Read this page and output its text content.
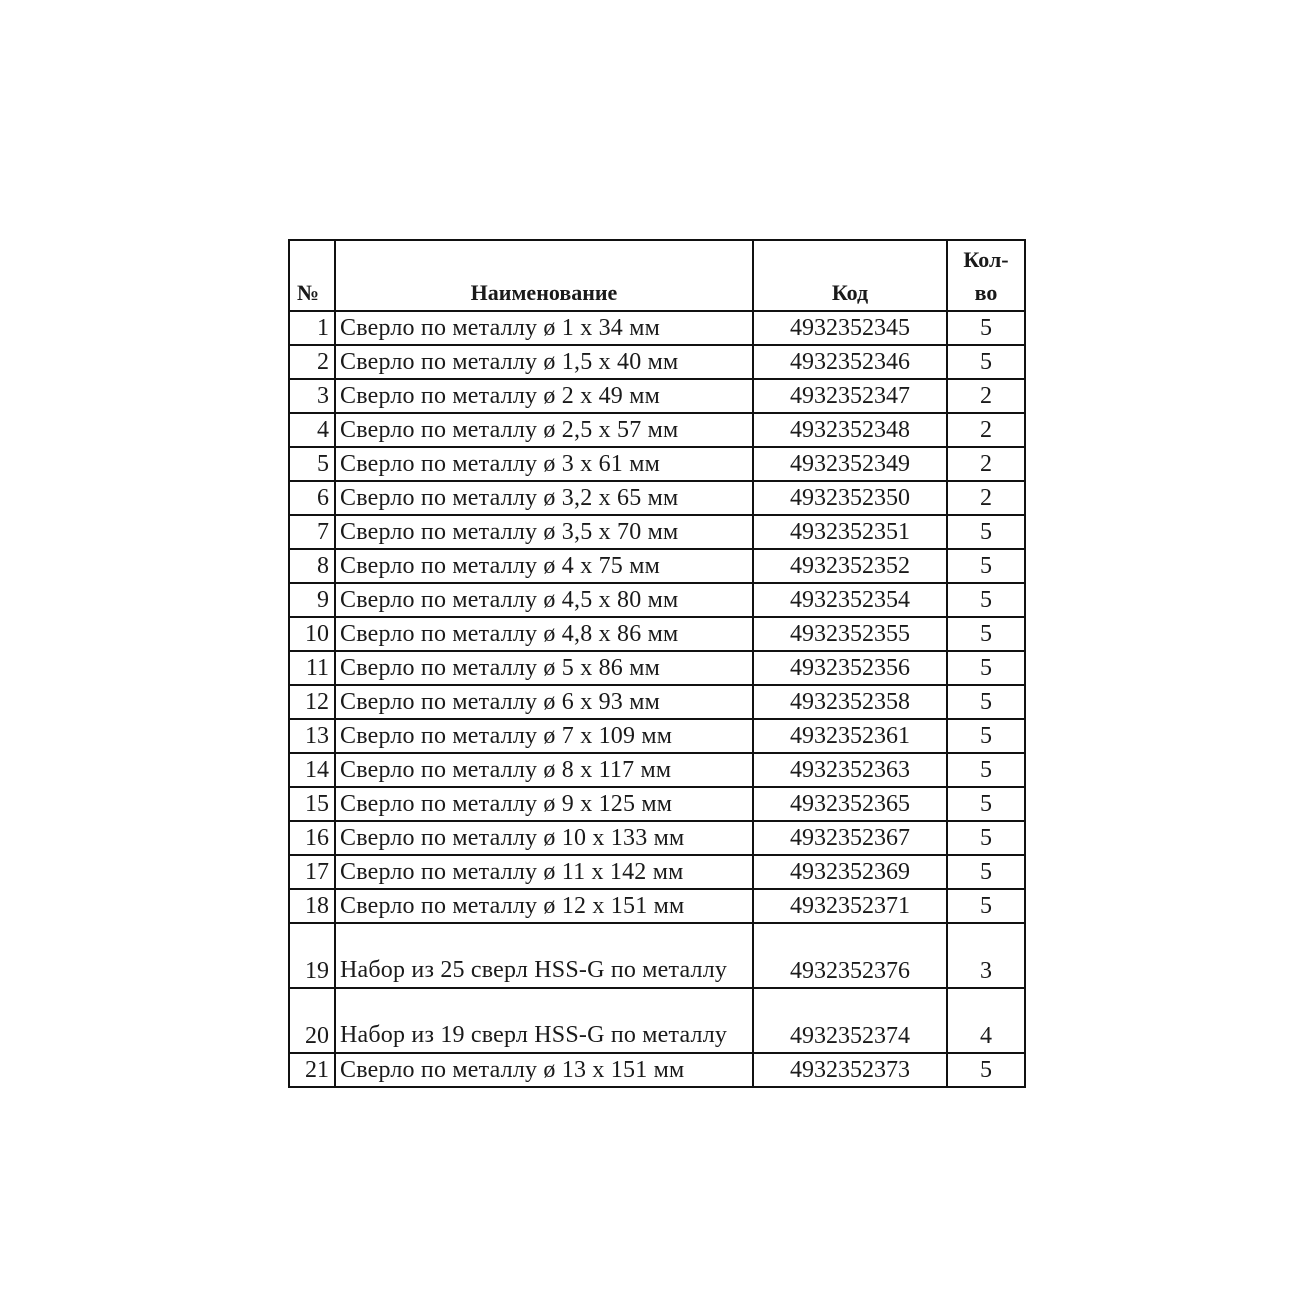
№	Наименование	Код	Кол-
во
1	Сверло по металлу ø 1 x 34 мм	4932352345	5
2	Сверло по металлу ø 1,5 x 40 мм	4932352346	5
3	Сверло по металлу ø 2 x 49 мм	4932352347	2
4	Сверло по металлу ø 2,5 x 57 мм	4932352348	2
5	Сверло по металлу ø 3 x 61 мм	4932352349	2
6	Сверло по металлу ø 3,2 x 65 мм	4932352350	2
7	Сверло по металлу ø 3,5 x 70 мм	4932352351	5
8	Сверло по металлу ø 4 x 75 мм	4932352352	5
9	Сверло по металлу ø 4,5 x 80 мм	4932352354	5
10	Сверло по металлу ø 4,8 x 86 мм	4932352355	5
11	Сверло по металлу ø 5 x 86 мм	4932352356	5
12	Сверло по металлу ø 6 x 93 мм	4932352358	5
13	Сверло по металлу ø 7 x 109 мм	4932352361	5
14	Сверло по металлу ø 8 x 117 мм	4932352363	5
15	Сверло по металлу ø 9 x 125 мм	4932352365	5
16	Сверло по металлу ø 10 x 133 мм	4932352367	5
17	Сверло по металлу ø 11 x 142 мм	4932352369	5
18	Сверло по металлу ø 12 x 151 мм	4932352371	5
19	Набор из 25 сверл HSS-G по металлу	4932352376	3
20	Набор из 19 сверл HSS-G по металлу	4932352374	4
21	Сверло по металлу ø 13 x 151 мм	4932352373	5
